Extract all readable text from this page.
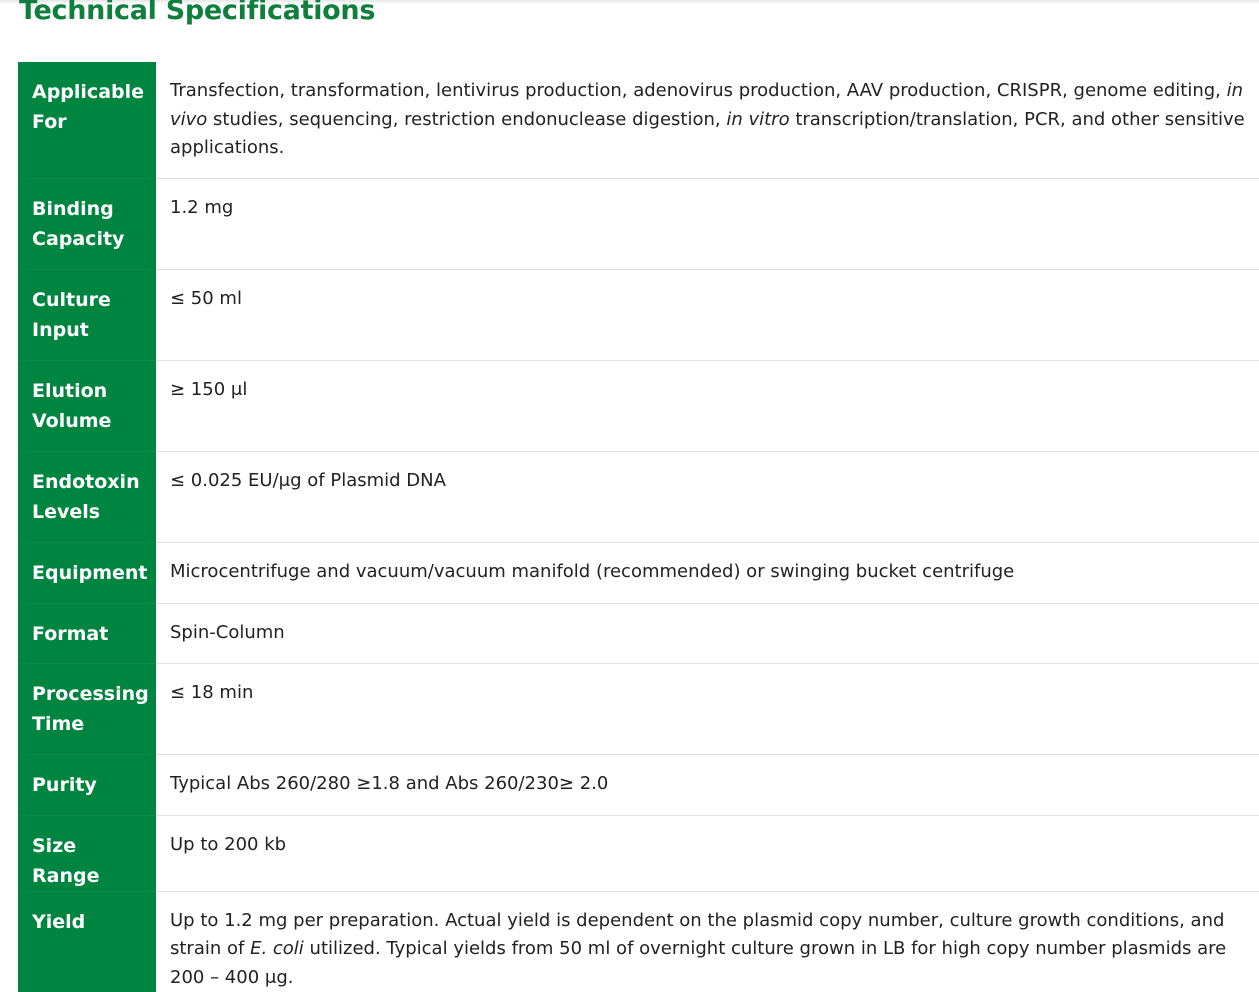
Technical Specifications
Applicable For	Transfection, transformation, lentivirus production, adenovirus production, AAV production, CRISPR, genome editing, in vivo studies, sequencing, restriction endonuclease digestion, in vitro transcription/translation, PCR, and other sensitive applications.
Binding Capacity	1.2 mg
Culture Input	≤ 50 ml
Elution Volume	≥ 150 μl
Endotoxin Levels	≤ 0.025 EU/μg of Plasmid DNA
Equipment	Microcentrifuge and vacuum/vacuum manifold (recommended) or swinging bucket centrifuge
Format	Spin-Column
Processing Time	≤ 18 min
Purity	Typical Abs 260/280 ≥1.8 and Abs 260/230≥ 2.0
Size Range	Up to 200 kb
Yield	Up to 1.2 mg per preparation. Actual yield is dependent on the plasmid copy number, culture growth conditions, and strain of E. coli utilized. Typical yields from 50 ml of overnight culture grown in LB for high copy number plasmids are 200 – 400 μg.
